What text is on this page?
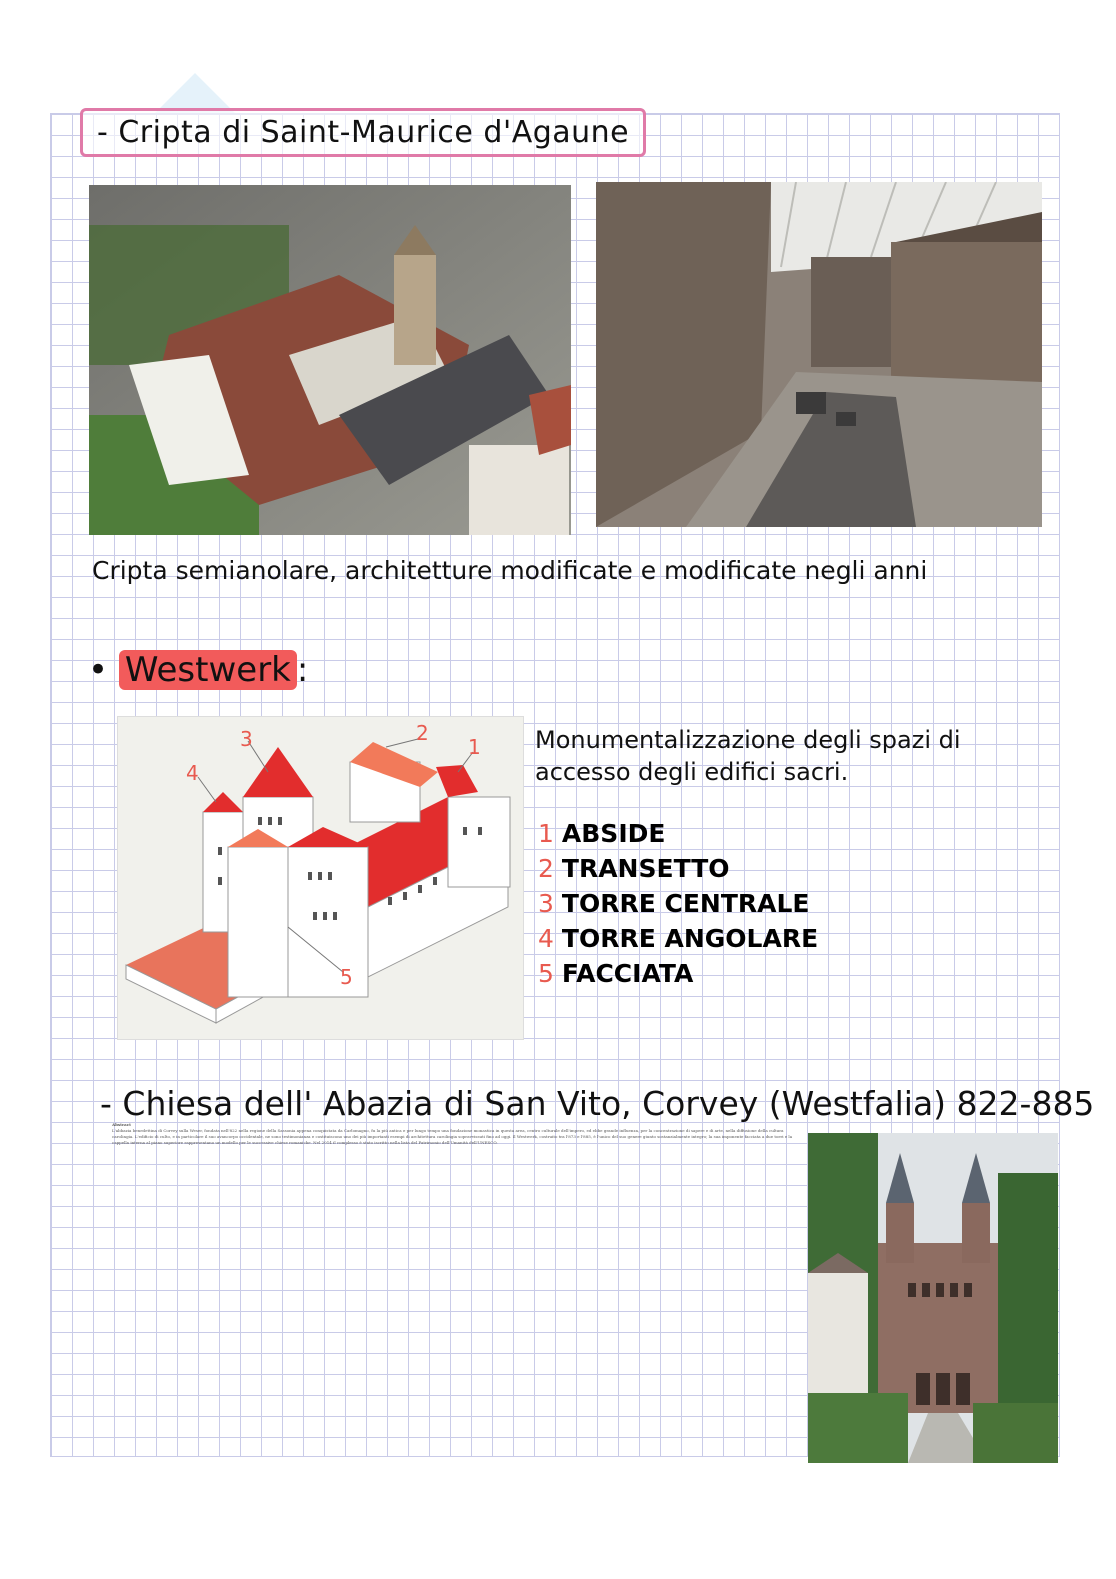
- Cripta di Saint-Maurice d'Agaune
Cripta semianolare, architetture modificate e modificate negli anni
• Westwerk :
3	2
1
4
5
Monumentalizzazione degli spazi di accesso degli edifici sacri.
1 ABSIDE
2 TRANSETTO
3 TORRE CENTRALE
4 TORRE ANGOLARE
5 FACCIATA
- Chiesa dell' Abazia di San Vito, Corvey (Westfalia) 822-885
Abstract
L'abbazia benedettina di Corvey sulla Weser, fondata nell'822 nella regione della Sassonia appena conquistata da Carlomagno, fu la più antica e per lungo tempo una fondazione monastica in questa area, centro culturale dell'impero, ed ebbe grande influenza, per la concentrazione di sapere e di arte, nella diffusione della cultura carolingia. L'edificio di culto, e in particolare il suo avancorpo occidentale, ne sono testimonianza e costituiscono uno dei più importanti esempi di architettura carolingia sopravvissuti fino ad oggi. Il Westwerk, costruito tra l'873 e l'885, è l'unico del suo genere giunto sostanzialmente integro; la sua imponente facciata a due torri e la cappella interna al piano superiore rappresentano un modello per le successive chiese romaniche. Nel 2014 il complesso è stato iscritto nella lista del Patrimonio dell'Umanità dell'UNESCO.
